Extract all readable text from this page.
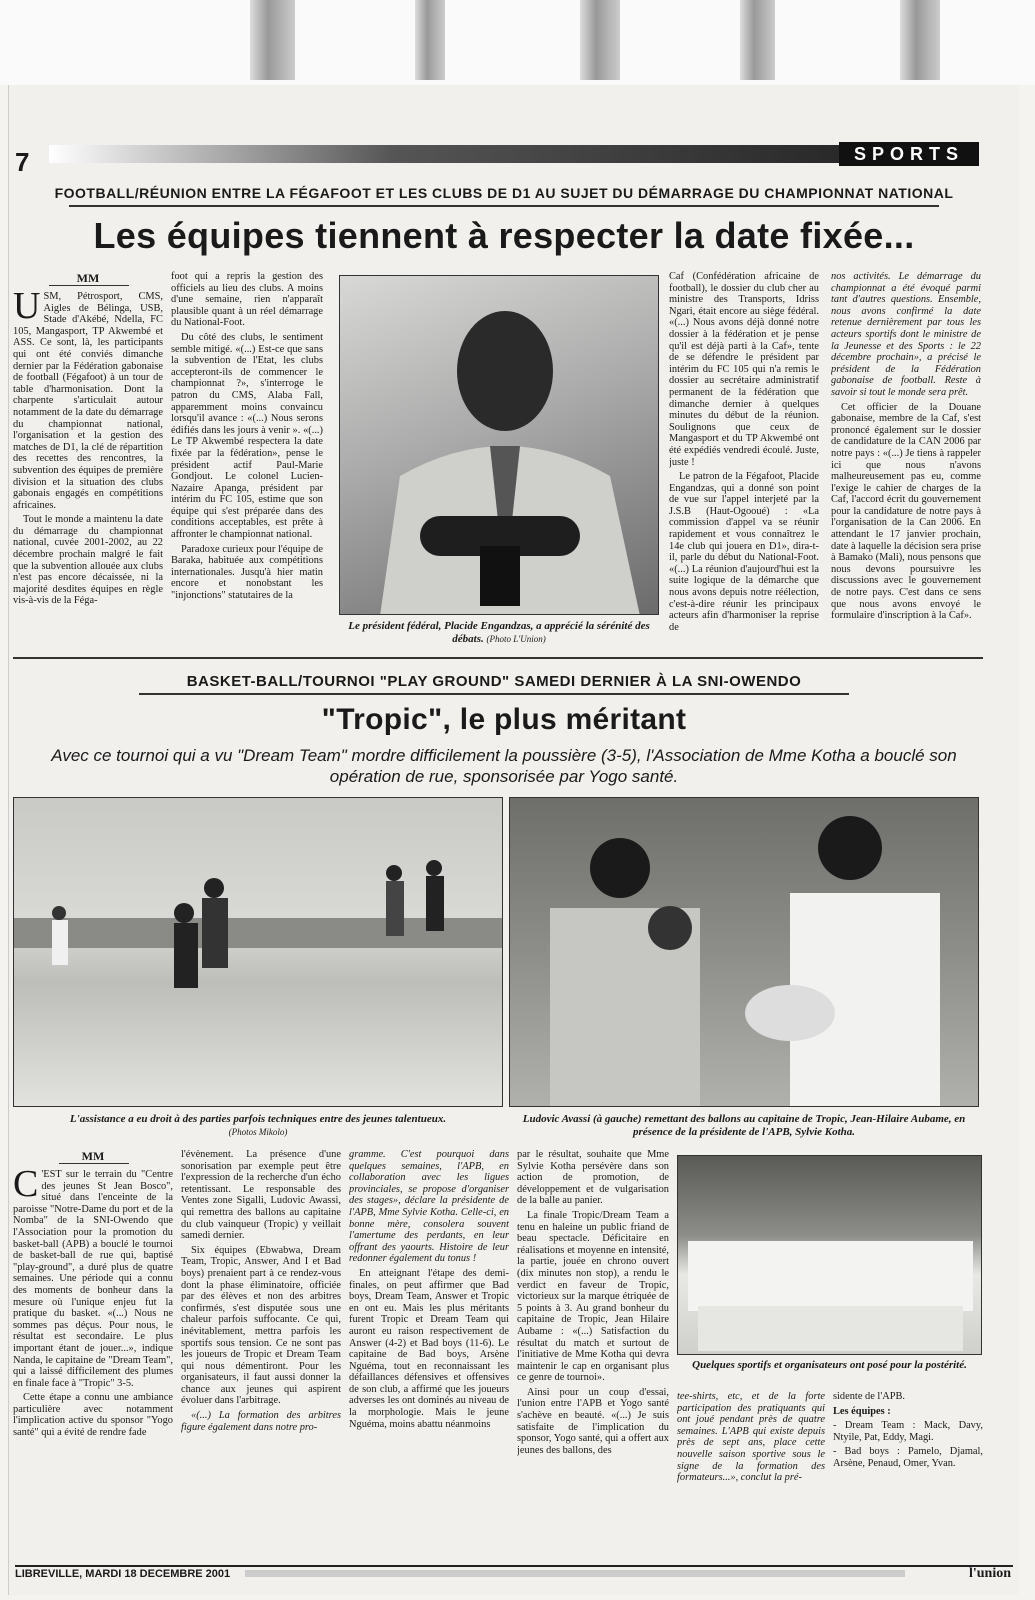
7	SPORTS
FOOTBALL/RÉUNION ENTRE LA FÉGAFOOT ET LES CLUBS DE D1 AU SUJET DU DÉMARRAGE DU CHAMPIONNAT NATIONAL
Les équipes tiennent à respecter la date fixée...
MM
U SM, Pétrosport, CMS, Aigles de Bélinga, USB, Stade d'Akébé, Ndella, FC 105, Mangasport, TP Akwembé et ASS. Ce sont, là, les participants qui ont été conviés dimanche dernier par la Fédération gabonaise de football (Fégafoot) à un tour de table d'harmonisation. Dont la charpente s'articulait autour notamment de la date du démarrage du championnat national, l'organisation et la gestion des matches de D1, la clé de répartition des recettes des rencontres, la subvention des équipes de première division et la situation des clubs gabonais engagés en compétitions africaines.

Tout le monde a maintenu la date du démarrage du championnat national, cuvée 2001-2002, au 22 décembre prochain malgré le fait que la subvention allouée aux clubs n'est pas encore décaissée, ni la majorité desdites équipes en règle vis-à-vis de la Féga-

foot qui a repris la gestion des officiels au lieu des clubs. A moins d'une semaine, rien n'apparaît plausible quant à un réel démarrage du National-Foot.

Du côté des clubs, le sentiment semble mitigé. «(...) Est-ce que sans la subvention de l'Etat, les clubs accepteront-ils de commencer le championnat ?», s'interroge le patron du CMS, Alaba Fall, apparemment moins convaincu lorsqu'il avance : «(...) Nous serons édifiés dans les jours à venir ». «(...) Le TP Akwembé respectera la date fixée par la fédération», pense le président actif Paul-Marie Gondjout. Le colonel Lucien-Nazaire Apanga, président par intérim du FC 105, estime que son équipe qui s'est préparée dans des conditions acceptables, est prête à affronter le championnat national.

Paradoxe curieux pour l'équipe de Baraka, habituée aux compétitions internationales. Jusqu'à hier matin encore et nonobstant les "injonctions" statutaires de la

Le président fédéral, Placide Engandzas, a apprécié la sérénité des débats. (Photo L'Union)

Caf (Confédération africaine de football), le dossier du club cher au ministre des Transports, Idriss Ngari, était encore au siège fédéral. «(...) Nous avons déjà donné notre dossier à la fédération et je pense qu'il est déjà parti à la Caf», tente de se défendre le président par intérim du FC 105 qui n'a remis le dossier au secrétaire administratif permanent de la fédération que dimanche dernier à quelques minutes du début de la réunion. Soulignons que ceux de Mangasport et du TP Akwembé ont été expédiés vendredi écoulé. Juste, juste !

Le patron de la Fégafoot, Placide Engandzas, qui a donné son point de vue sur l'appel interjeté par la J.S.B (Haut-Ogooué) : «La commission d'appel va se réunir rapidement et vous connaîtrez le 14e club qui jouera en D1», dira-t-il, parle du début du National-Foot. «(...) La réunion d'aujourd'hui est la suite logique de la démarche que nous avons depuis notre réélection, c'est-à-dire réunir les principaux acteurs afin d'harmoniser la reprise de

nos activités. Le démarrage du championnat a été évoqué parmi tant d'autres questions. Ensemble, nous avons confirmé la date retenue dernièrement par tous les acteurs sportifs dont le ministre de la Jeunesse et des Sports : le 22 décembre prochain», a précisé le président de la Fédération gabonaise de football. Reste à savoir si tout le monde sera prêt.

Cet officier de la Douane gabonaise, membre de la Caf, s'est prononcé également sur le dossier de candidature de la CAN 2006 par notre pays : «(...) Je tiens à rappeler ici que nous n'avons malheureusement pas eu, comme l'exige le cahier de charges de la Caf, l'accord écrit du gouvernement pour la candidature de notre pays à l'organisation de la Can 2006. En attendant le 17 janvier prochain, date à laquelle la décision sera prise à Bamako (Mali), nous pensons que nous devons poursuivre les discussions avec le gouvernement de notre pays. C'est dans ce sens que nous avons envoyé le formulaire d'inscription à la Caf».

BASKET-BALL/TOURNOI "PLAY GROUND" SAMEDI DERNIER À LA SNI-OWENDO
"Tropic", le plus méritant
Avec ce tournoi qui a vu "Dream Team" mordre difficilement la poussière (3-5), l'Association de Mme Kotha a bouclé son opération de rue, sponsorisée par Yogo santé.
L'assistance a eu droit à des parties parfois techniques entre des jeunes talentueux.
(Photos Mikolo)
Ludovic Avassi (à gauche) remettant des ballons au capitaine de Tropic, Jean-Hilaire Aubame, en présence de la présidente de l'APB, Sylvie Kotha.
MM
C 'EST sur le terrain du "Centre des jeunes St Jean Bosco", situé dans l'enceinte de la paroisse "Notre-Dame du port et de la Nomba" de la SNI-Owendo que l'Association pour la promotion du basket-ball (APB) a bouclé le tournoi de basket-ball de rue qui, baptisé "play-ground", a duré plus de quatre semaines. Une période qui a connu des moments de bonheur dans la mesure où l'unique enjeu fut la pratique du basket. «(...) Nous ne sommes pas déçus. Pour nous, le résultat est secondaire. Le plus important étant de jouer...», indique Nanda, le capitaine de "Dream Team", qui a laissé difficilement des plumes en finale face à "Tropic" 3-5.

Cette étape a connu une ambiance particulière avec notamment l'implication active du sponsor "Yogo santé" qui a évité de rendre fade

l'évènement. La présence d'une sonorisation par exemple peut être l'expression de la recherche d'un écho retentissant. Le responsable des Ventes zone Sigalli, Ludovic Awassi, qui remettra des ballons au capitaine du club vainqueur (Tropic) y veillait samedi dernier.

Six équipes (Ebwabwa, Dream Team, Tropic, Answer, And I et Bad boys) prenaient part à ce rendez-vous dont la phase éliminatoire, officiée par des élèves et non des arbitres confirmés, s'est disputée sous une chaleur parfois suffocante. Ce qui, inévitablement, mettra parfois les sportifs sous tension. Ce ne sont pas les joueurs de Tropic et Dream Team qui nous démentiront. Pour les organisateurs, il faut aussi donner la chance aux jeunes qui aspirent évoluer dans l'arbitrage.

«(...) La formation des arbitres figure également dans notre pro-

gramme. C'est pourquoi dans quelques semaines, l'APB, en collaboration avec les ligues provinciales, se propose d'organiser des stages», déclare la présidente de l'APB, Mme Sylvie Kotha. Celle-ci, en bonne mère, consolera souvent l'amertume des perdants, en leur offrant des yaourts. Histoire de leur redonner également du tonus !

En atteignant l'étape des demi-finales, on peut affirmer que Bad boys, Dream Team, Answer et Tropic en ont eu. Mais les plus méritants furent Tropic et Dream Team qui auront eu raison respectivement de Answer (4-2) et Bad boys (11-6). Le capitaine de Bad boys, Arsène Nguéma, tout en reconnaissant les défaillances défensives et offensives de son club, a affirmé que les joueurs adverses les ont dominés au niveau de la morphologie. Mais le jeune Nguéma, moins abattu néanmoins

par le résultat, souhaite que Mme Sylvie Kotha persévère dans son action de promotion, de développement et de vulgarisation de la balle au panier.

La finale Tropic/Dream Team a tenu en haleine un public friand de beau spectacle. Déficitaire en réalisations et moyenne en intensité, la partie, jouée en chrono ouvert (dix minutes non stop), a rendu le verdict en faveur de Tropic, victorieux sur la marque étriquée de 5 points à 3. Au grand bonheur du capitaine de Tropic, Jean Hilaire Aubame : «(...) Satisfaction du résultat du match et surtout de l'initiative de Mme Kotha qui devra maintenir le cap en organisant plus ce genre de tournoi».

Ainsi pour un coup d'essai, l'union entre l'APB et Yogo santé s'achève en beauté. «(...) Je suis satisfaite de l'implication du sponsor, Yogo santé, qui a offert aux jeunes des ballons, des

Quelques sportifs et organisateurs ont posé pour la postérité.

tee-shirts, etc, et de la forte participation des pratiquants qui ont joué pendant près de quatre semaines. L'APB qui existe depuis près de sept ans, place cette nouvelle saison sportive sous le signe de la formation des formateurs...», conclut la pré-

sidente de l'APB.

Les équipes :

- Dream Team : Mack, Davy, Ntyile, Pat, Eddy, Magi.

- Bad boys : Pamelo, Djamal, Arsène, Penaud, Omer, Yvan.

LIBREVILLE, MARDI 18 DECEMBRE 2001	l'union
